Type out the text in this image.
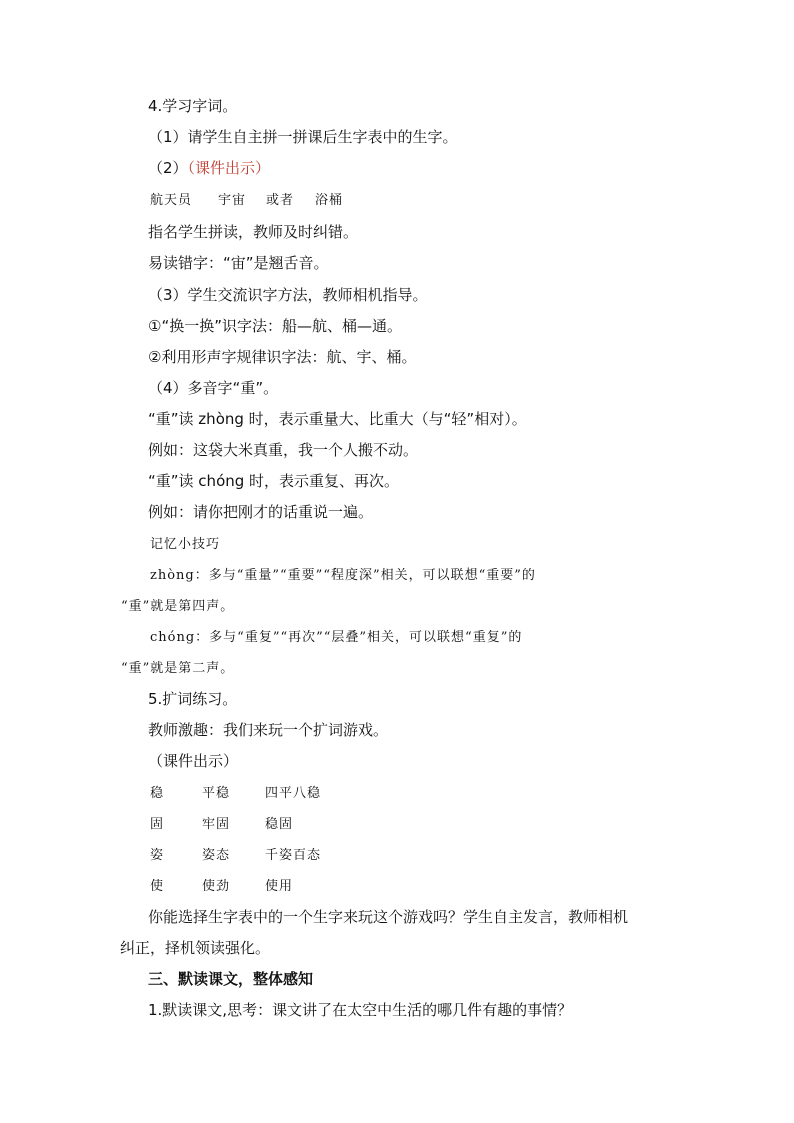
4.学习字词。
（1）请学生自主拼一拼课后生字表中的生字。
（2）（课件出示）
航天员 宇宙 或者 浴桶
指名学生拼读，教师及时纠错。
易读错字：“宙”是翘舌音。
（3）学生交流识字方法，教师相机指导。
①“换一换”识字法：船—航、桶—通。
②利用形声字规律识字法：航、宇、桶。
（4）多音字“重”。
“重”读 zhòng 时，表示重量大、比重大（与“轻”相对）。
例如：这袋大米真重，我一个人搬不动。
“重”读 chóng 时，表示重复、再次。
例如：请你把刚才的话重说一遍。
记忆小技巧
zhòng：多与“重量”“重要”“程度深”相关，可以联想“重要”的
“重”就是第四声。
chóng：多与“重复”“再次”“层叠”相关，可以联想“重复”的
“重”就是第二声。
5.扩词练习。
教师激趣：我们来玩一个扩词游戏。
（课件出示）
稳	平稳	四平八稳
固	牢固	稳固
姿	姿态	千姿百态
使	使劲	使用
你能选择生字表中的一个生字来玩这个游戏吗？学生自主发言，教师相机
纠正，择机领读强化。
三、默读课文，整体感知
1.默读课文,思考：课文讲了在太空中生活的哪几件有趣的事情？
